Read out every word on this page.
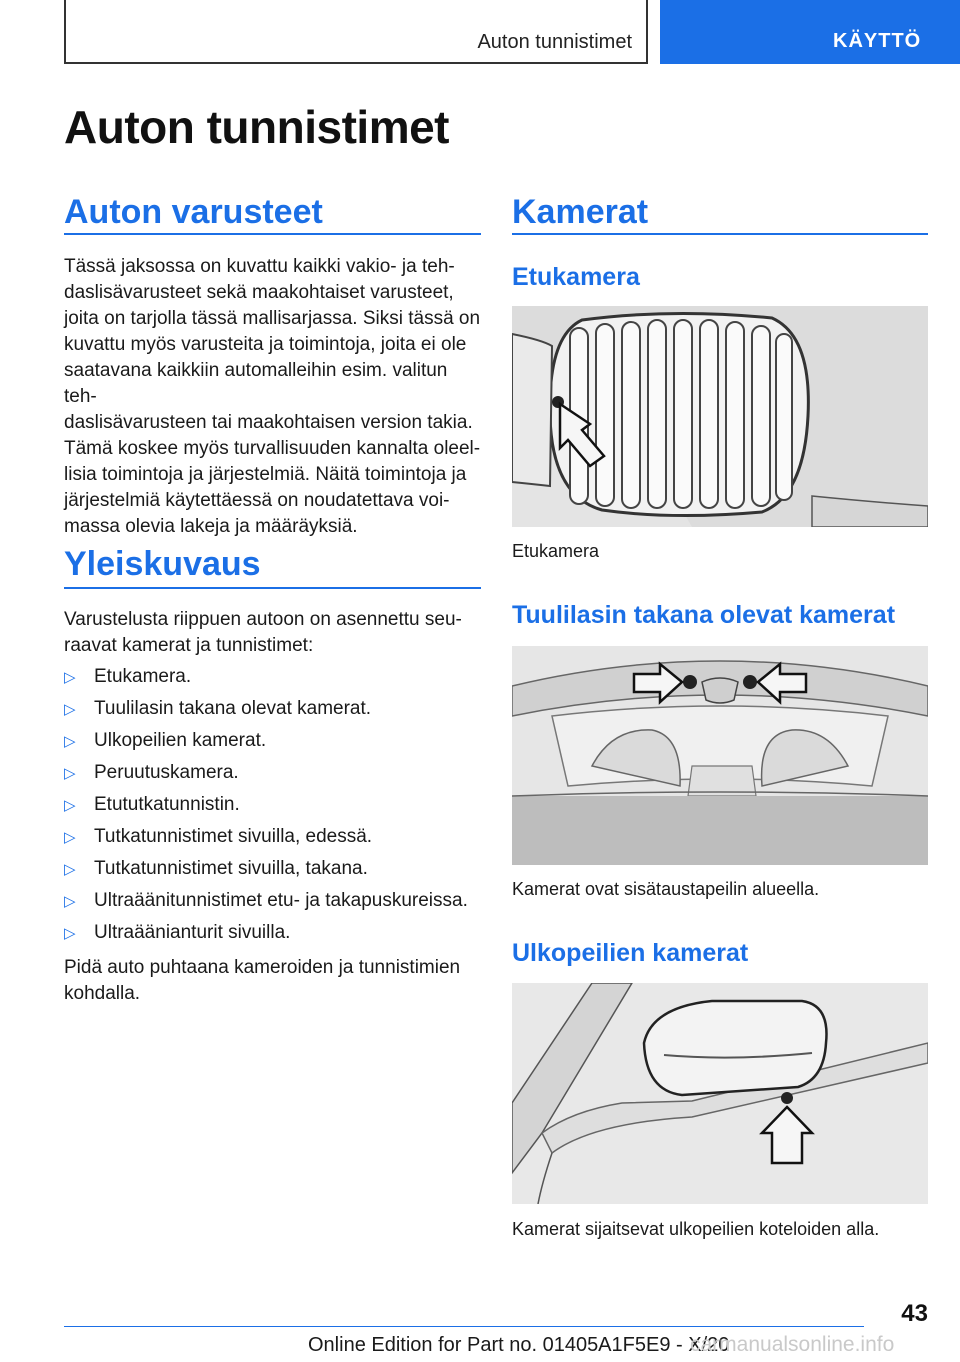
Auton tunnistimet	KÄYTTÖ
Auton tunnistimet
Auton varusteet
Tässä jaksossa on kuvattu kaikki vakio- ja teh-
daslisävarusteet sekä maakohtaiset varusteet,
joita on tarjolla tässä mallisarjassa. Siksi tässä on
kuvattu myös varusteita ja toimintoja, joita ei ole
saatavana kaikkiin automalleihin esim. valitun teh-
daslisävarusteen tai maakohtaisen version takia.
Tämä koskee myös turvallisuuden kannalta oleel-
lisia toimintoja ja järjestelmiä. Näitä toimintoja ja
järjestelmiä käytettäessä on noudatettava voi-
massa olevia lakeja ja määräyksiä.
Yleiskuvaus
Varustelusta riippuen autoon on asennettu seu-
raavat kamerat ja tunnistimet:
▷ Etukamera.
▷ Tuulilasin takana olevat kamerat.
▷ Ulkopeilien kamerat.
▷ Peruutuskamera.
▷ Etututkatunnistin.
▷ Tutkatunnistimet sivuilla, edessä.
▷ Tutkatunnistimet sivuilla, takana.
▷ Ultraäänitunnistimet etu- ja takapuskureissa.
▷ Ultraäänianturit sivuilla.
Pidä auto puhtaana kameroiden ja tunnistimien
kohdalla.
Kamerat
Etukamera
Etukamera
Tuulilasin takana olevat kamerat
Kamerat ovat sisätaustapeilin alueella.
Ulkopeilien kamerat
Kamerat sijaitsevat ulkopeilien koteloiden alla.
43
Online Edition for Part no. 01405A1F5E9 - X/20
carmanualsonline.info
